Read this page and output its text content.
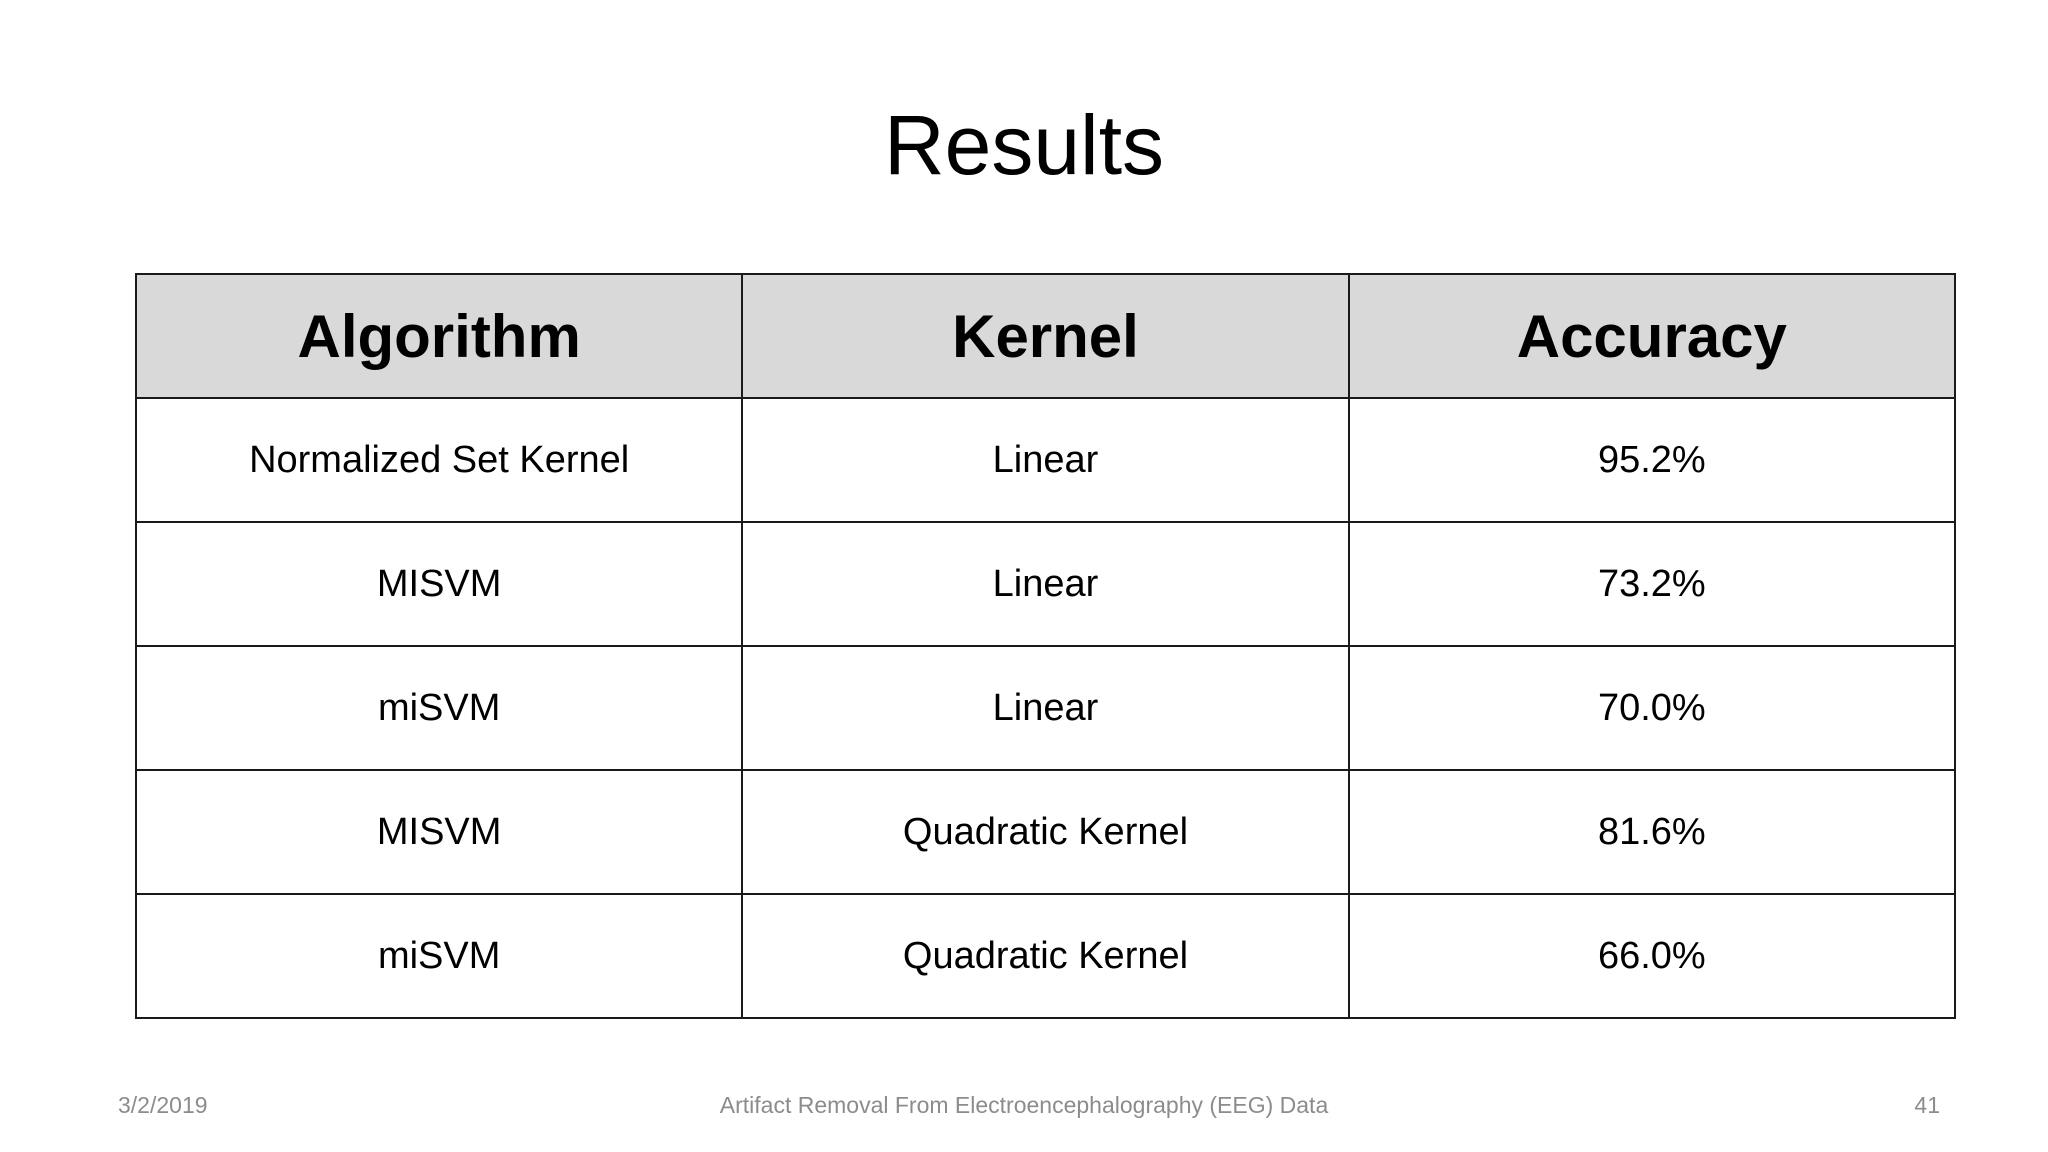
Results
Algorithm	Kernel	Accuracy
Normalized Set Kernel	Linear	95.2%
MISVM	Linear	73.2%
miSVM	Linear	70.0%
MISVM	Quadratic Kernel	81.6%
miSVM	Quadratic Kernel	66.0%
3/2/2019	Artifact Removal From Electroencephalography (EEG) Data	41
